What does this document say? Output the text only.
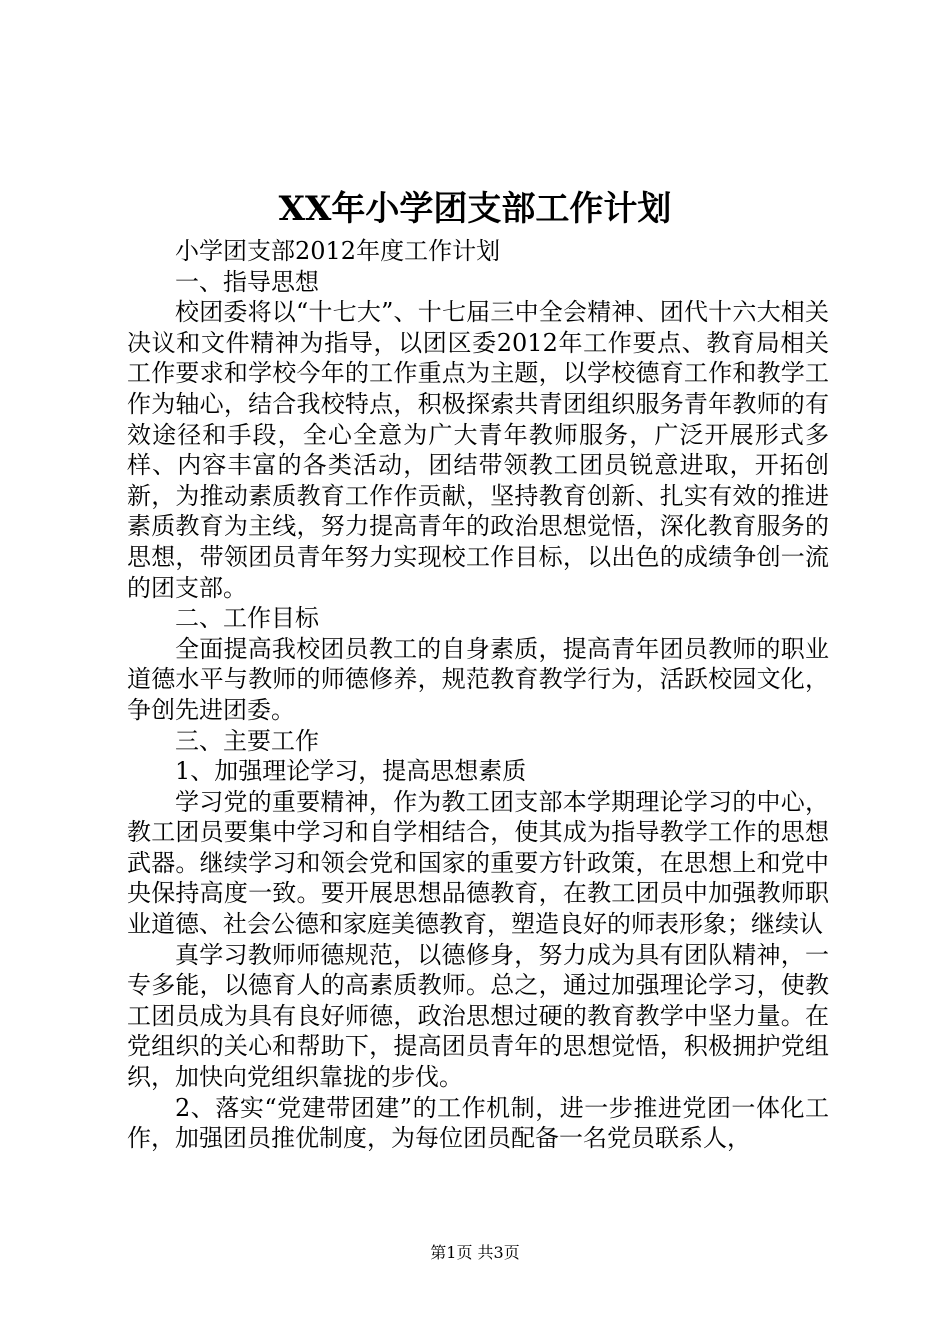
XX年小学团支部工作计划

小学团支部2012年度工作计划

一、指导思想

校团委将以“十七大”、十七届三中全会精神、团代十六大相关决议和文件精神为指导，以团区委2012年工作要点、教育局相关工作要求和学校今年的工作重点为主题，以学校德育工作和教学工作为轴心，结合我校特点，积极探索共青团组织服务青年教师的有效途径和手段，全心全意为广大青年教师服务，广泛开展形式多样、内容丰富的各类活动，团结带领教工团员锐意进取，开拓创新，为推动素质教育工作作贡献，坚持教育创新、扎实有效的推进素质教育为主线，努力提高青年的政治思想觉悟，深化教育服务的思想，带领团员青年努力实现校工作目标，以出色的成绩争创一流的团支部。

二、工作目标

全面提高我校团员教工的自身素质，提高青年团员教师的职业道德水平与教师的师德修养，规范教育教学行为，活跃校园文化，争创先进团委。

三、主要工作

1、加强理论学习，提高思想素质

学习党的重要精神，作为教工团支部本学期理论学习的中心，教工团员要集中学习和自学相结合，使其成为指导教学工作的思想武器。继续学习和领会党和国家的重要方针政策，在思想上和党中央保持高度一致。要开展思想品德教育，在教工团员中加强教师职业道德、社会公德和家庭美德教育，塑造良好的师表形象；继续认

真学习教师师德规范，以德修身，努力成为具有团队精神，一专多能，以德育人的高素质教师。总之，通过加强理论学习，使教工团员成为具有良好师德，政治思想过硬的教育教学中坚力量。在党组织的关心和帮助下，提高团员青年的思想觉悟，积极拥护党组织，加快向党组织靠拢的步伐。

2、落实“党建带团建”的工作机制，进一步推进党团一体化工作，加强团员推优制度，为每位团员配备一名党员联系人，

第1页 共3页
